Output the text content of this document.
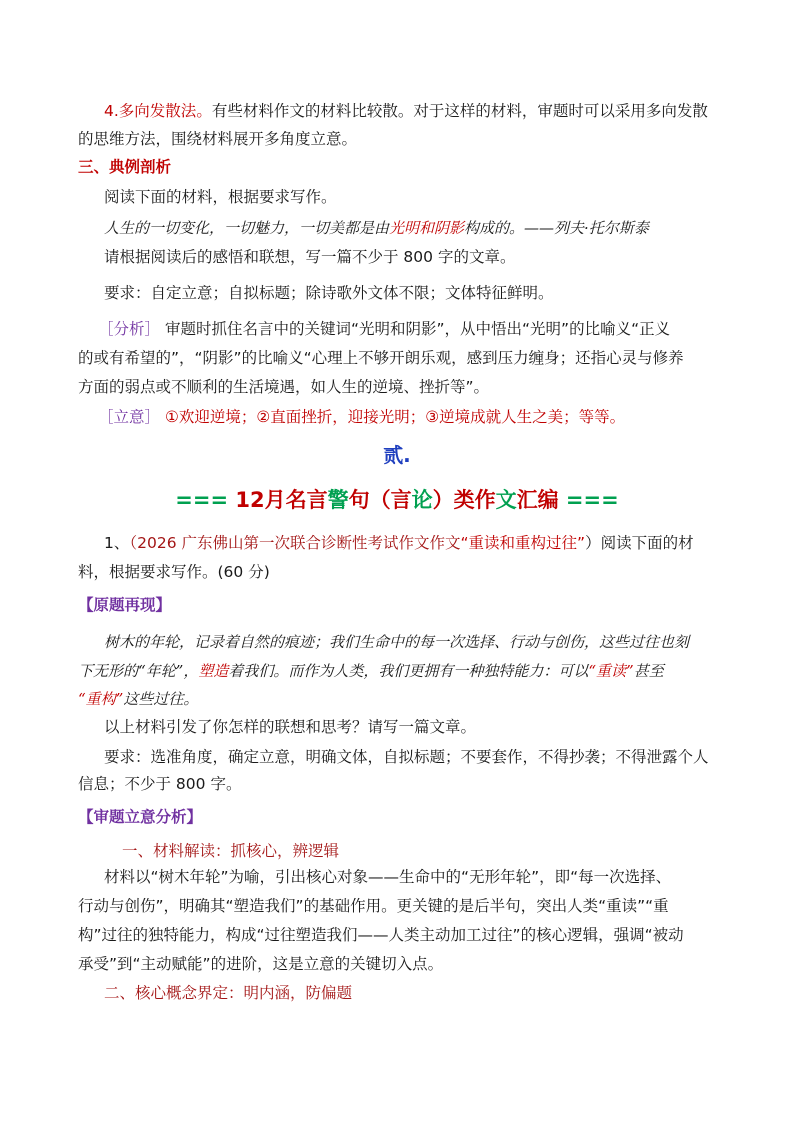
4.多向发散法。有些材料作文的材料比较散。对于这样的材料，审题时可以采用多向发散
的思维方法，围绕材料展开多角度立意。
三、典例剖析
阅读下面的材料，根据要求写作。
人生的一切变化，一切魅力，一切美都是由光明和阴影构成的。——列夫·托尔斯泰
请根据阅读后的感悟和联想，写一篇不少于 800 字的文章。
要求：自定立意；自拟标题；除诗歌外文体不限；文体特征鲜明。
［分析］ 审题时抓住名言中的关键词“光明和阴影”，从中悟出“光明”的比喻义“正义
的或有希望的”，“阴影”的比喻义“心理上不够开朗乐观，感到压力缠身；还指心灵与修养
方面的弱点或不顺利的生活境遇，如人生的逆境、挫折等”。
［立意］ ①欢迎逆境；②直面挫折，迎接光明；③逆境成就人生之美；等等。
贰.
=== 12月名言警句（言论）类作文汇编 ===
1、（2026 广东佛山第一次联合诊断性考试作文作文“重读和重构过往”）阅读下面的材
料，根据要求写作。(60 分)
【原题再现】
树木的年轮，记录着自然的痕迹；我们生命中的每一次选择、行动与创伤，这些过往也刻
下无形的“年轮”，塑造着我们。而作为人类，我们更拥有一种独特能力：可以“重读”甚至
“重构”这些过往。
以上材料引发了你怎样的联想和思考？请写一篇文章。
要求：选准角度，确定立意，明确文体，自拟标题；不要套作，不得抄袭；不得泄露个人
信息；不少于 800 字。
【审题立意分析】
一、材料解读：抓核心，辨逻辑
材料以“树木年轮”为喻，引出核心对象——生命中的“无形年轮”，即“每一次选择、
行动与创伤”，明确其“塑造我们”的基础作用。更关键的是后半句，突出人类“重读”“重
构”过往的独特能力，构成“过往塑造我们——人类主动加工过往”的核心逻辑，强调“被动
承受”到“主动赋能”的进阶，这是立意的关键切入点。
二、核心概念界定：明内涵，防偏题
